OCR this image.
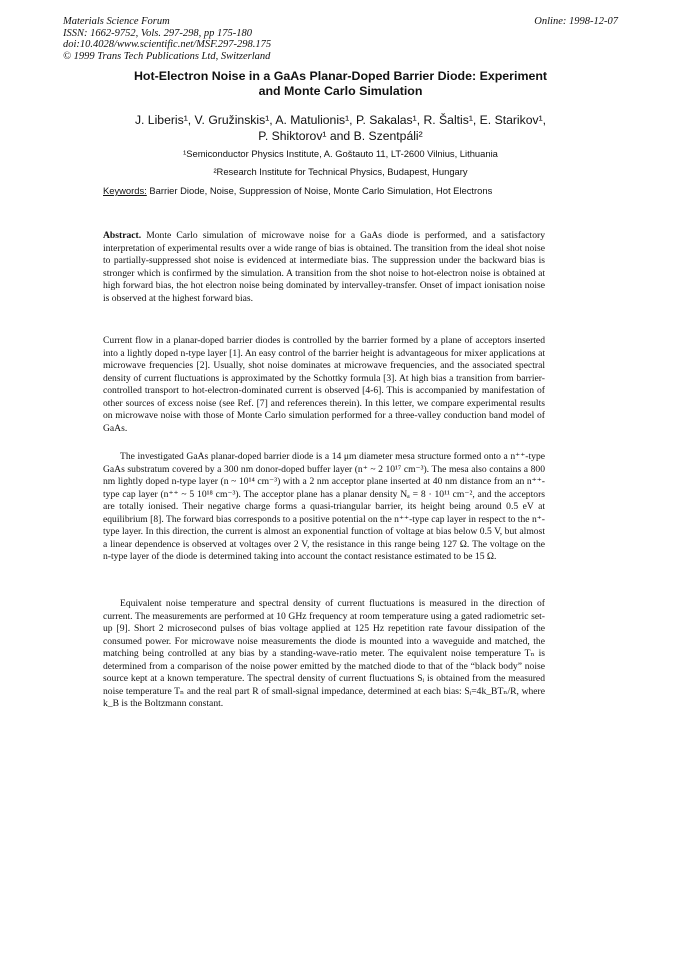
Materials Science Forum
ISSN: 1662-9752, Vols. 297-298, pp 175-180
doi:10.4028/www.scientific.net/MSF.297-298.175
© 1999 Trans Tech Publications Ltd, Switzerland
Online: 1998-12-07
Hot-Electron Noise in a GaAs Planar-Doped Barrier Diode: Experiment
and Monte Carlo Simulation
J. Liberis¹, V. Gružinskis¹, A. Matulionis¹, P. Sakalas¹, R. Šaltis¹, E. Starikov¹,
P. Shiktorov¹ and B. Szentpáli²
¹Semiconductor Physics Institute, A. Goštauto 11, LT-2600 Vilnius, Lithuania
²Research Institute for Technical Physics, Budapest, Hungary
Keywords: Barrier Diode, Noise, Suppression of Noise, Monte Carlo Simulation, Hot Electrons

Abstract. Monte Carlo simulation of microwave noise for a GaAs diode is performed, and a satisfactory interpretation of experimental results over a wide range of bias is obtained. The transition from the ideal shot noise to partially-suppressed shot noise is evidenced at intermediate bias. The suppression under the backward bias is stronger which is confirmed by the simulation. A transition from the shot noise to hot-electron noise is obtained at high forward bias, the hot electron noise being dominated by intervalley-transfer. Onset of impact ionisation noise is observed at the highest forward bias.

Current flow in a planar-doped barrier diodes is controlled by the barrier formed by a plane of acceptors inserted into a lightly doped n-type layer [1]. An easy control of the barrier height is advantageous for mixer applications at microwave frequencies [2]. Usually, shot noise dominates at microwave frequencies, and the associated spectral density of current fluctuations is approximated by the Schottky formula [3]. At high bias a transition from barrier-controlled transport to hot-electron-dominated current is observed [4-6]. This is accompanied by manifestation of other sources of excess noise (see Ref. [7] and references therein). In this letter, we compare experimental results on microwave noise with those of Monte Carlo simulation performed for a three-valley conduction band model of GaAs.

The investigated GaAs planar-doped barrier diode is a 14 μm diameter mesa structure formed onto a n⁺⁺-type GaAs substratum covered by a 300 nm donor-doped buffer layer (n⁺ ~ 2 10¹⁷ cm⁻³). The mesa also contains a 800 nm lightly doped n-type layer (n ~ 10¹⁴ cm⁻³) with a 2 nm acceptor plane inserted at 40 nm distance from an n⁺⁺-type cap layer (n⁺⁺ ~ 5 10¹⁸ cm⁻³). The acceptor plane has a planar density Nₐ = 8 · 10¹¹ cm⁻², and the acceptors are totally ionised. Their negative charge forms a quasi-triangular barrier, its height being around 0.5 eV at equilibrium [8]. The forward bias corresponds to a positive potential on the n⁺⁺-type cap layer in respect to the n⁺-type layer. In this direction, the current is almost an exponential function of voltage at bias below 0.5 V, but almost a linear dependence is observed at voltages over 2 V, the resistance in this range being 127 Ω. The voltage on the n-type layer of the diode is determined taking into account the contact resistance estimated to be 15 Ω.

Equivalent noise temperature and spectral density of current fluctuations is measured in the direction of current. The measurements are performed at 10 GHz frequency at room temperature using a gated radiometric set-up [9]. Short 2 microsecond pulses of bias voltage applied at 125 Hz repetition rate favour dissipation of the consumed power. For microwave noise measurements the diode is mounted into a waveguide and matched, the matching being controlled at any bias by a standing-wave-ratio meter. The equivalent noise temperature Tₙ is determined from a comparison of the noise power emitted by the matched diode to that of the “black body” noise source kept at a known temperature. The spectral density of current fluctuations Sᵢ is obtained from the measured noise temperature Tₙ and the real part R of small-signal impedance, determined at each bias: Sᵢ=4k_BTₙ/R, where k_B is the Boltzmann constant.
